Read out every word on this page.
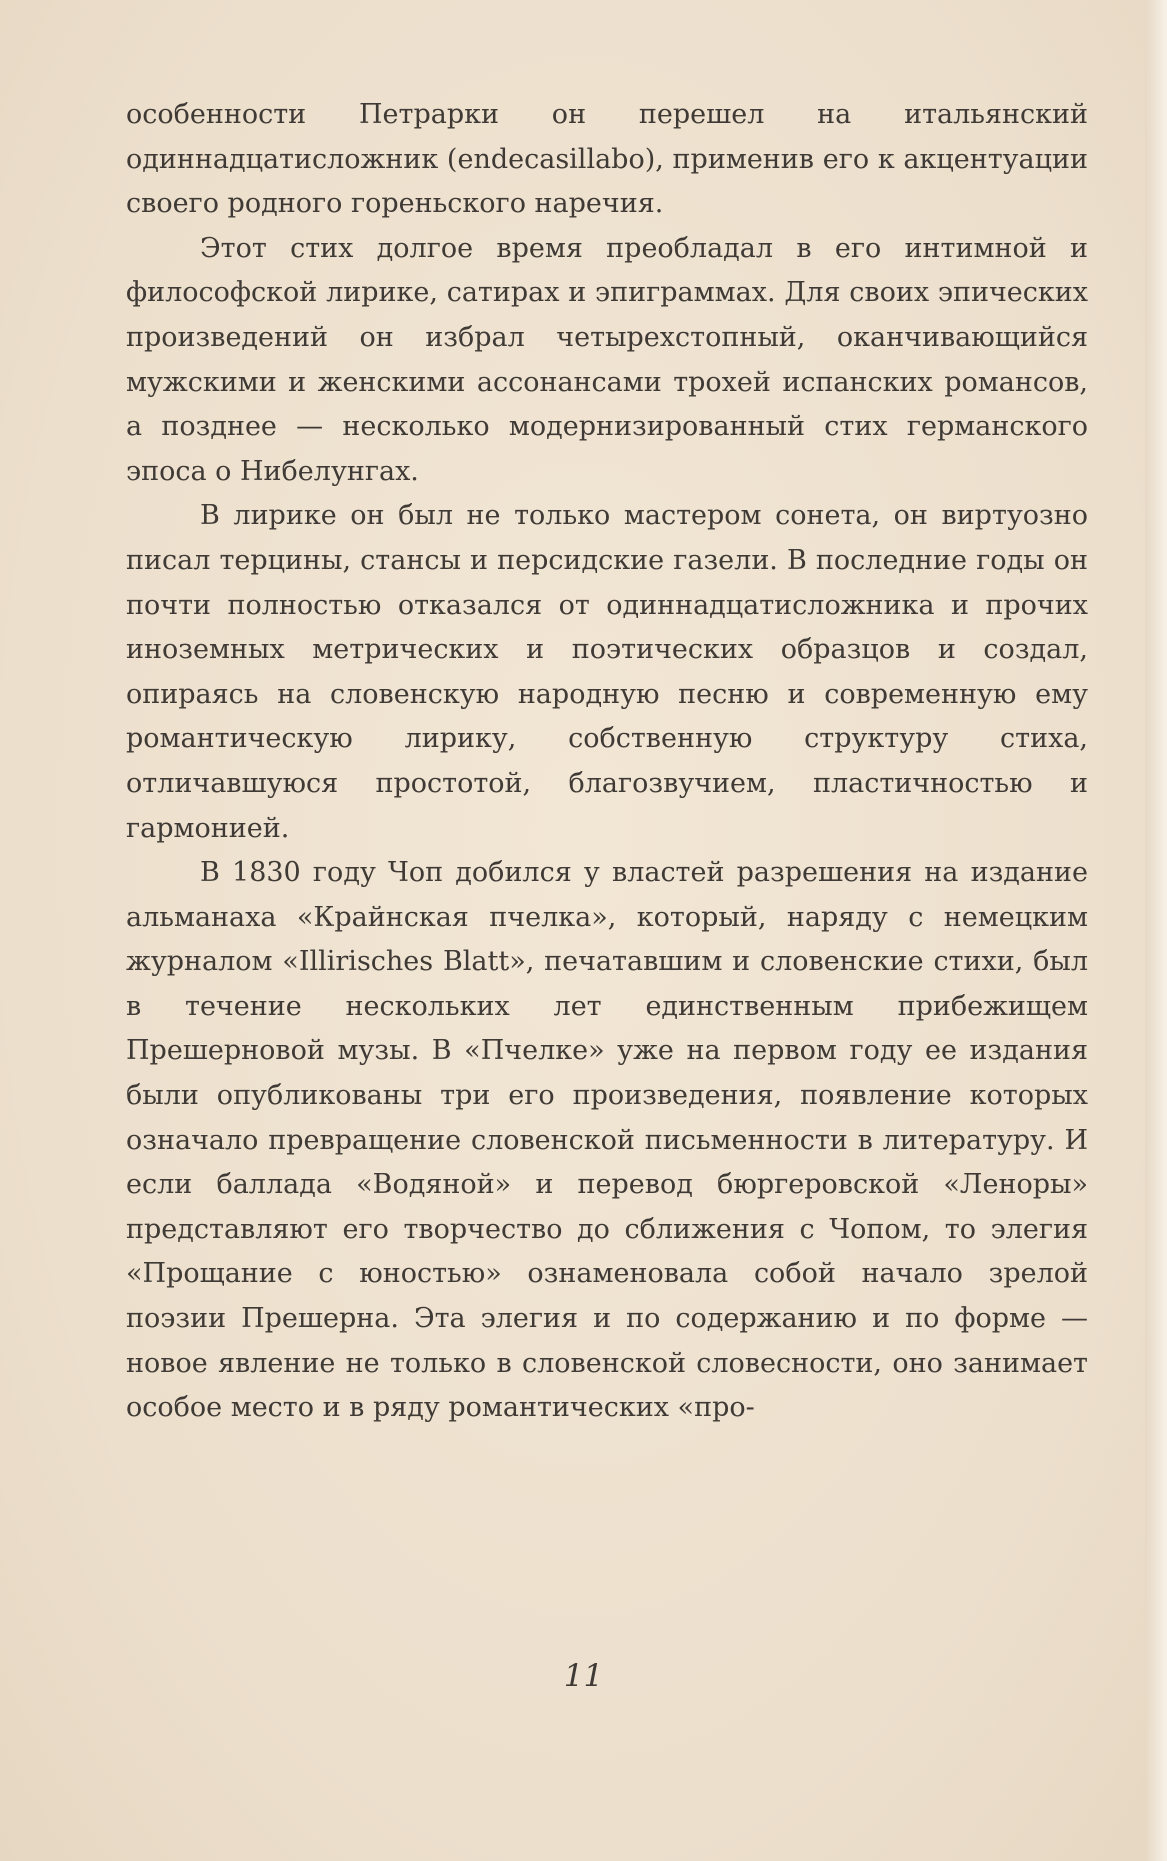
особенности Петрарки он перешел на итальянский одиннадцатисложник (endecasillabo), применив его к акцентуации своего родного гореньского наречия.

Этот стих долгое время преобладал в его интимной и философской лирике, сатирах и эпиграммах. Для своих эпических произведений он избрал четырехстопный, оканчивающийся мужскими и женскими ассонансами трохей испанских романсов, а позднее — несколько модернизированный стих германского эпоса о Нибелунгах.

В лирике он был не только мастером сонета, он виртуозно писал терцины, стансы и персидские газели. В последние годы он почти полностью отказался от одиннадцатисложника и прочих иноземных метрических и поэтических образцов и создал, опираясь на словенскую народную песню и современную ему романтическую лирику, собственную структуру стиха, отличавшуюся простотой, благозвучием, пластичностью и гармонией.

В 1830 году Чоп добился у властей разрешения на издание альманаха «Крайнская пчелка», который, наряду с немецким журналом «Illirisches Blatt», печатавшим и словенские стихи, был в течение нескольких лет единственным прибежищем Прешерновой музы. В «Пчелке» уже на первом году ее издания были опубликованы три его произведения, появление которых означало превращение словенской письменности в литературу. И если баллада «Водяной» и перевод бюргеровской «Леноры» представляют его творчество до сближения с Чопом, то элегия «Прощание с юностью» ознаменовала собой начало зрелой поэзии Прешерна. Эта элегия и по содержанию и по форме — новое явление не только в словенской словесности, оно занимает особое место и в ряду романтических «про-

11
